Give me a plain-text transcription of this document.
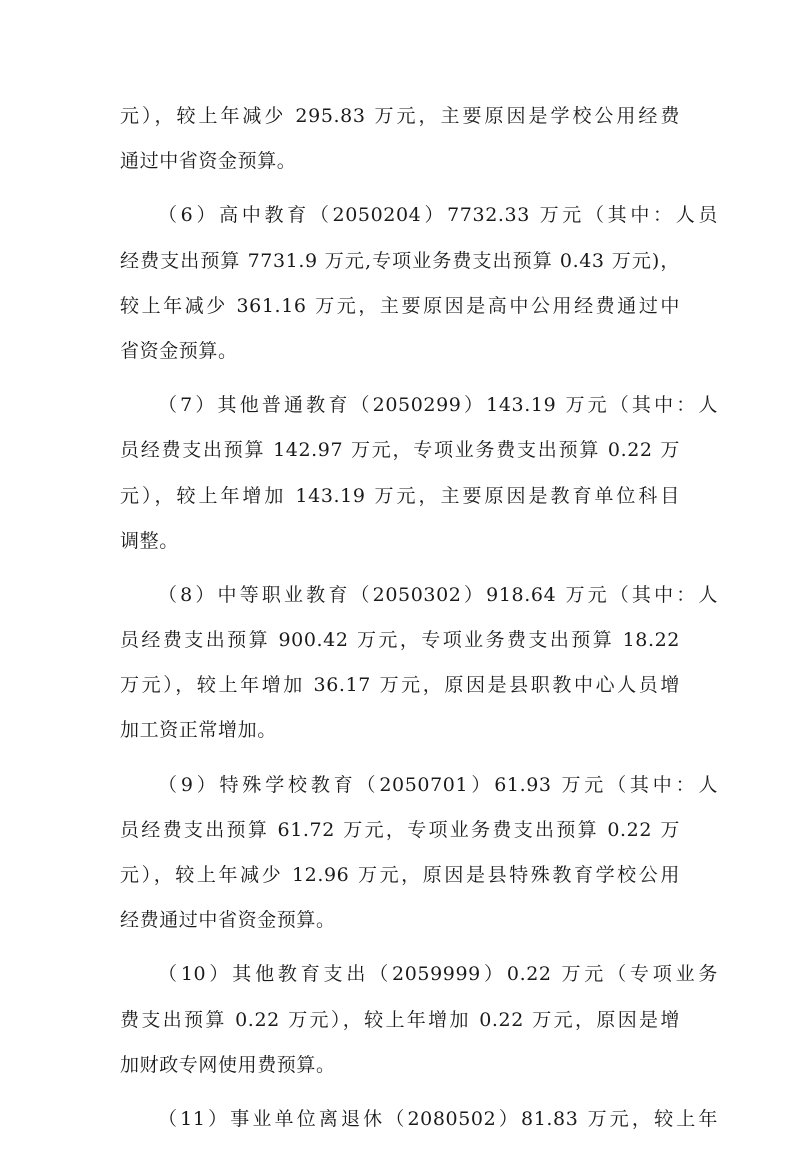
元），较上年减少 295.83 万元，主要原因是学校公用经费
通过中省资金预算。
（6）高中教育（2050204）7732.33 万元（其中：人员
经费支出预算 7731.9 万元,专项业务费支出预算 0.43 万元)，
较上年减少 361.16 万元，主要原因是高中公用经费通过中
省资金预算。
（7）其他普通教育（2050299）143.19 万元（其中：人
员经费支出预算 142.97 万元，专项业务费支出预算 0.22 万
元），较上年增加 143.19 万元，主要原因是教育单位科目
调整。
（8）中等职业教育（2050302）918.64 万元（其中：人
员经费支出预算 900.42 万元，专项业务费支出预算 18.22
万元），较上年增加 36.17 万元，原因是县职教中心人员增
加工资正常增加。
（9）特殊学校教育（2050701）61.93 万元（其中：人
员经费支出预算 61.72 万元，专项业务费支出预算 0.22 万
元），较上年减少 12.96 万元，原因是县特殊教育学校公用
经费通过中省资金预算。
（10）其他教育支出（2059999）0.22 万元（专项业务
费支出预算 0.22 万元），较上年增加 0.22 万元，原因是增
加财政专网使用费预算。
（11）事业单位离退休（2080502）81.83 万元，较上年
